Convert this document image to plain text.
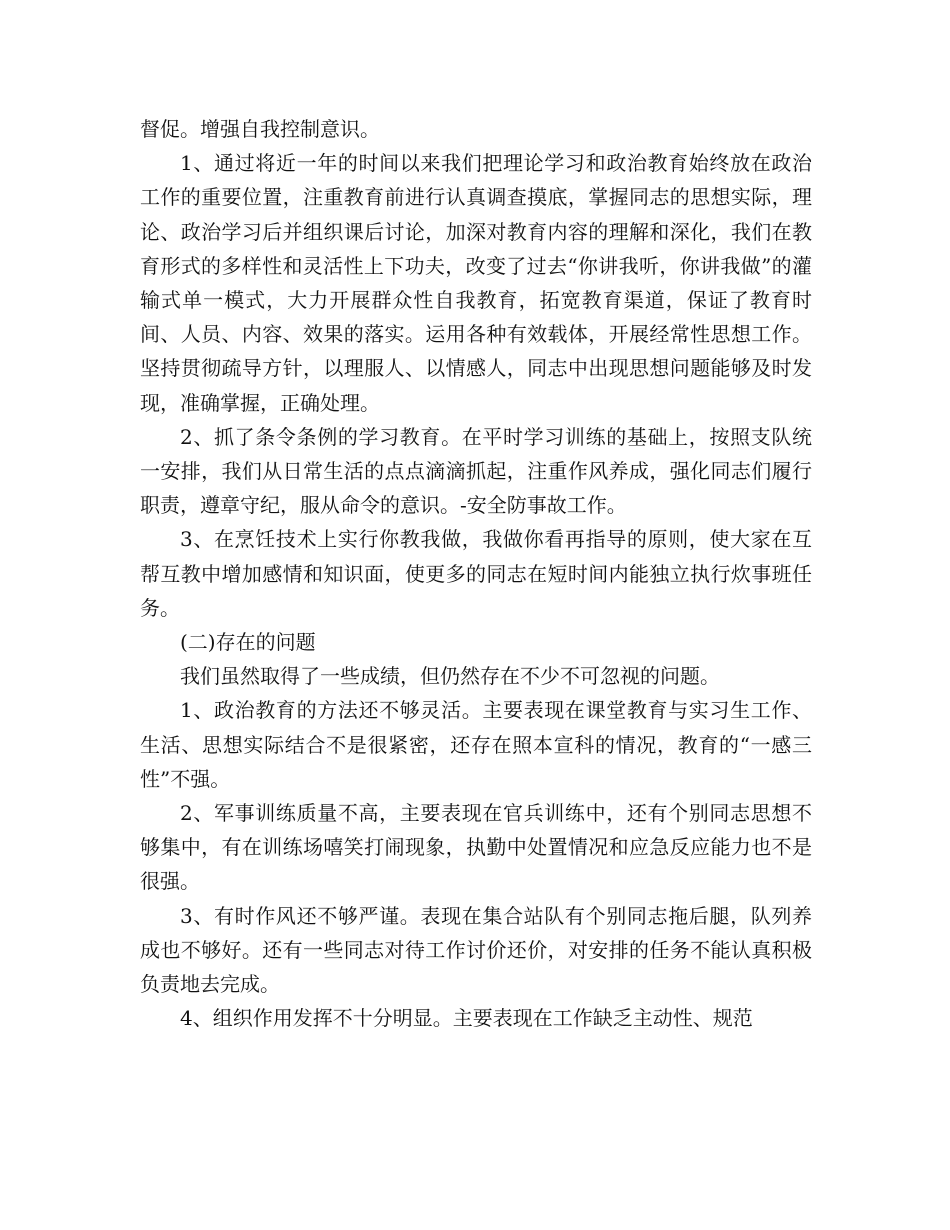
督促。增强自我控制意识。

1、通过将近一年的时间以来我们把理论学习和政治教育始终放在政治工作的重要位置，注重教育前进行认真调查摸底，掌握同志的思想实际，理论、政治学习后并组织课后讨论，加深对教育内容的理解和深化，我们在教育形式的多样性和灵活性上下功夫，改变了过去“你讲我听，你讲我做”的灌输式单一模式，大力开展群众性自我教育，拓宽教育渠道，保证了教育时间、人员、内容、效果的落实。运用各种有效载体，开展经常性思想工作。坚持贯彻疏导方针，以理服人、以情感人，同志中出现思想问题能够及时发现，准确掌握，正确处理。

2、抓了条令条例的学习教育。在平时学习训练的基础上，按照支队统一安排，我们从日常生活的点点滴滴抓起，注重作风养成，强化同志们履行职责，遵章守纪，服从命令的意识。-安全防事故工作。

3、在烹饪技术上实行你教我做，我做你看再指导的原则，使大家在互帮互教中增加感情和知识面，使更多的同志在短时间内能独立执行炊事班任务。

(二)存在的问题

我们虽然取得了一些成绩，但仍然存在不少不可忽视的问题。

1、政治教育的方法还不够灵活。主要表现在课堂教育与实习生工作、生活、思想实际结合不是很紧密，还存在照本宣科的情况，教育的“一感三性”不强。

2、军事训练质量不高，主要表现在官兵训练中，还有个别同志思想不够集中，有在训练场嘻笑打闹现象，执勤中处置情况和应急反应能力也不是很强。

3、有时作风还不够严谨。表现在集合站队有个别同志拖后腿，队列养成也不够好。还有一些同志对待工作讨价还价，对安排的任务不能认真积极负责地去完成。

4、组织作用发挥不十分明显。主要表现在工作缺乏主动性、规范
